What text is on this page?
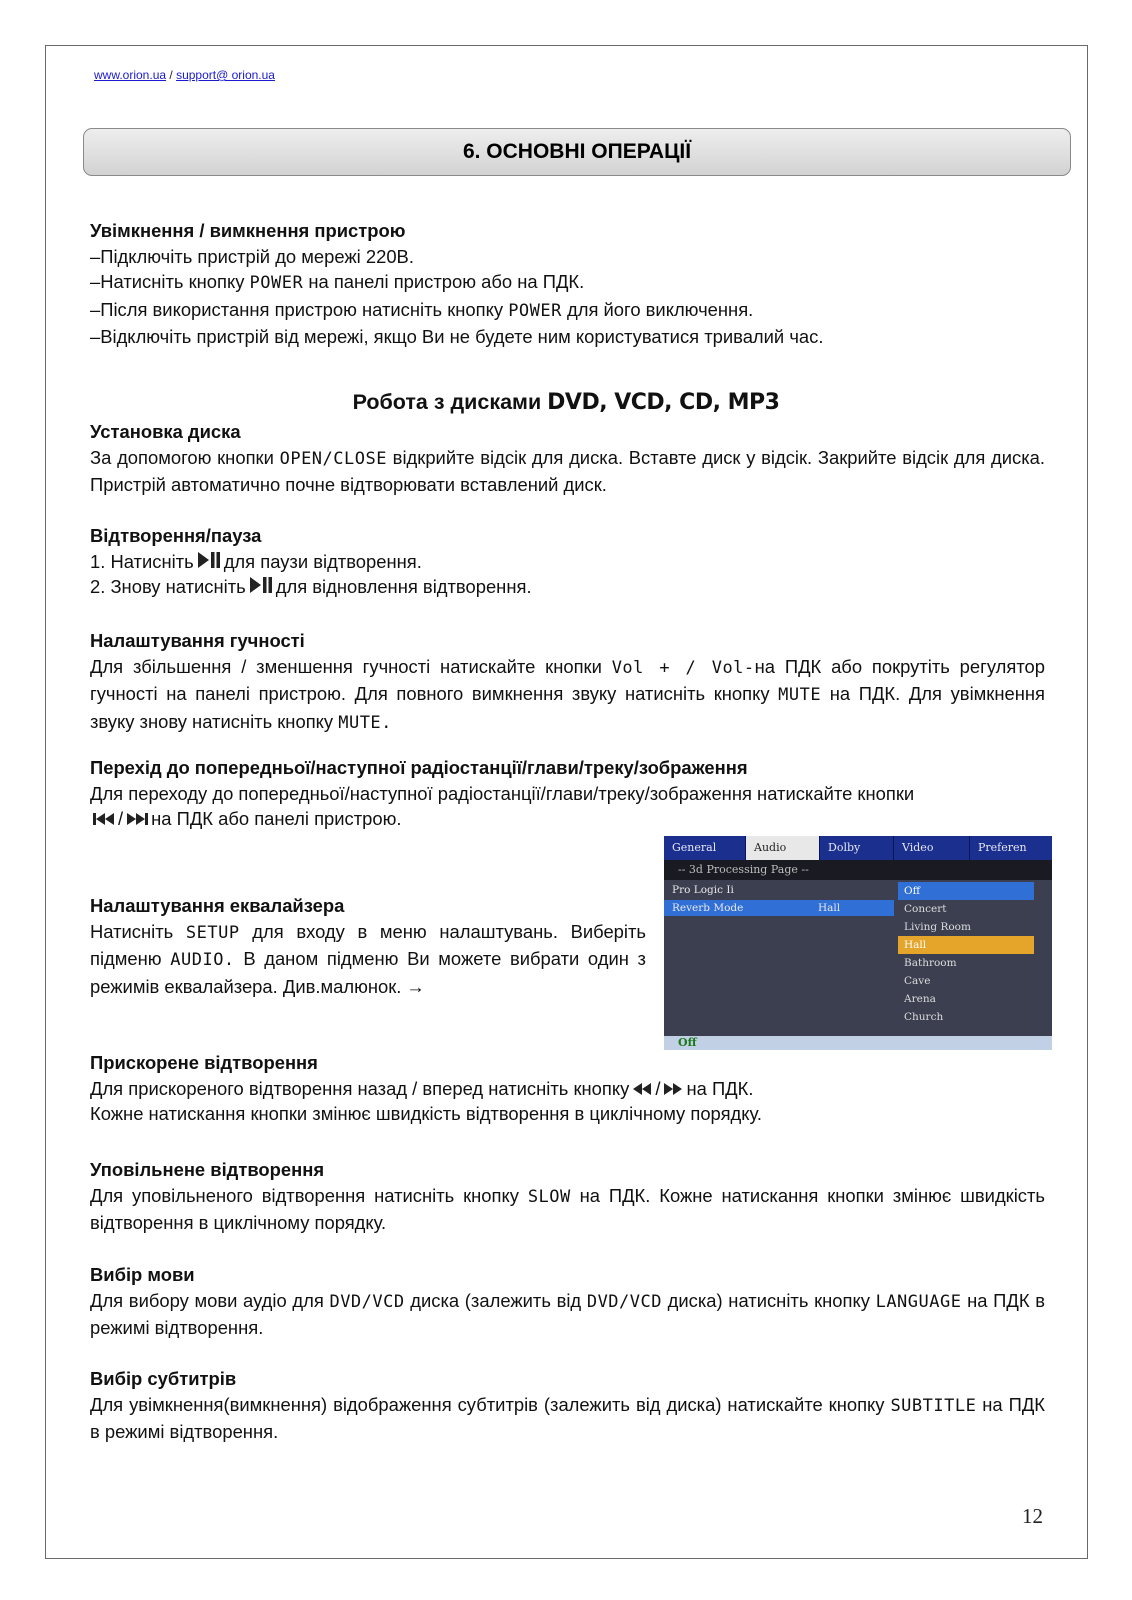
www.orion.ua / support@ orion.ua
6. ОСНОВНІ ОПЕРАЦІЇ
Увімкнення / вимкнення пристрою
–Підключіть пристрій до мережі 220В.
–Натисніть кнопку POWER на панелі пристрою або на ПДК.
–Після використання пристрою натисніть кнопку POWER для його виключення.
–Відключіть пристрій від мережі, якщо Ви не будете ним користуватися тривалий час.
Робота з дисками DVD, VCD, CD, MP3
Установка диска
За допомогою кнопки OPEN/CLOSE відкрийте відсік для диска. Вставте диск у відсік. Закрийте відсік для диска. Пристрій автоматично почне відтворювати вставлений диск.
Відтворення/пауза
1. Натисніть для паузи відтворення.
2. Знову натисніть для відновлення відтворення.
Налаштування гучності
Для збільшення / зменшення гучності натискайте кнопки Vol + / Vol-на ПДК або покрутіть регулятор гучності на панелі пристрою. Для повного вимкнення звуку натисніть кнопку MUTE на ПДК. Для увімкнення звуку знову натисніть кнопку MUTE.
Перехід до попередньої/наступної радіостанції/глави/треку/зображення
Для переходу до попередньої/наступної радіостанції/глави/треку/зображення натискайте кнопки
/ на ПДК або панелі пристрою.
Налаштування еквалайзера
Натисніть SETUP для входу в меню налаштувань. Виберіть підменю AUDIO. В даном підменю Ви можете вибрати один з режимів еквалайзера. Див.малюнок. →
General	Audio	Dolby	Video	Preferen
-- 3d Processing Page --
Pro Logic Ii
Reverb Mode	Hall
Off
Concert
Living Room
Hall
Bathroom
Cave
Arena
Church
Off
Прискорене відтворення
Для прискореного відтворення назад / вперед натисніть кнопку / на ПДК.
Кожне натискання кнопки змінює швидкість відтворення в циклічному порядку.
Уповільнене відтворення
Для уповільненого відтворення натисніть кнопку SLOW на ПДК. Кожне натискання кнопки змінює швидкість відтворення в циклічному порядку.
Вибір мови
Для вибору мови аудіо для DVD/VCD диска (залежить від DVD/VCD диска) натисніть кнопку LANGUAGE на ПДК в режимі відтворення.
Вибір субтитрів
Для увімкнення(вимкнення) відображення субтитрів (залежить від диска) натискайте кнопку SUBTITLE на ПДК в режимі відтворення.
12
